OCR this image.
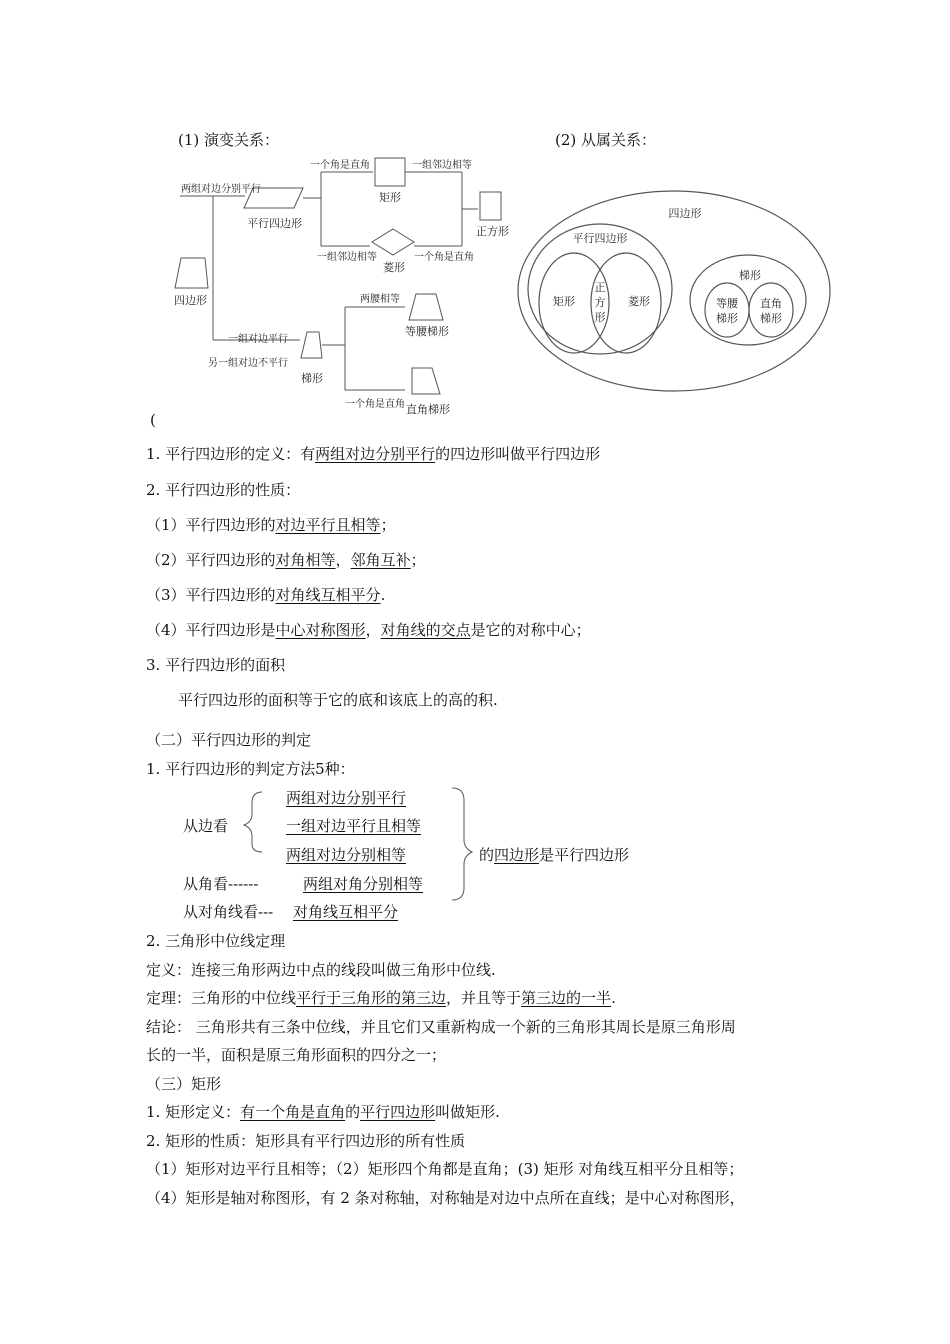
(1) 演变关系：	(2) 从属关系：
两组对边分别平行
一个角是直角	一组邻边相等
平行四边形
矩形
正方形
一组邻边相等	一个角是直角
菱形
四边形	两腰相等
等腰梯形
一组对边平行
另一组对边不平行
梯形
一个角是直角 直角梯形
四边形
平行四边形
矩形
正
方
形
菱形
梯形
等腰
梯形
直角
梯形
(
1. 平行四边形的定义：有两组对边分别平行的四边形叫做平行四边形
2. 平行四边形的性质：
（1）平行四边形的对边平行且相等；
（2）平行四边形的对角相等，邻角互补；
（3）平行四边形的对角线互相平分.
（4）平行四边形是中心对称图形，对角线的交点是它的对称中心；
3. 平行四边形的面积
平行四边形的面积等于它的底和该底上的高的积.
（二）平行四边形的判定
1. 平行四边形的判定方法5种：
两组对边分别平行
从边看	一组对边平行且相等
两组对边分别相等
从角看------	两组对角分别相等
从对角线看--- 对角线互相平分
的四边形是平行四边形
2. 三角形中位线定理
定义：连接三角形两边中点的线段叫做三角形中位线.
定理：三角形的中位线平行于三角形的第三边，并且等于第三边的一半.
结论： 三角形共有三条中位线，并且它们又重新构成一个新的三角形其周长是原三角形周
长的一半，面积是原三角形面积的四分之一；
（三）矩形
1. 矩形定义：有一个角是直角的平行四边形叫做矩形.
2. 矩形的性质：矩形具有平行四边形的所有性质
（1）矩形对边平行且相等；（2）矩形四个角都是直角；(3) 矩形 对角线互相平分且相等；
（4）矩形是轴对称图形，有 2 条对称轴，对称轴是对边中点所在直线；是中心对称图形，
